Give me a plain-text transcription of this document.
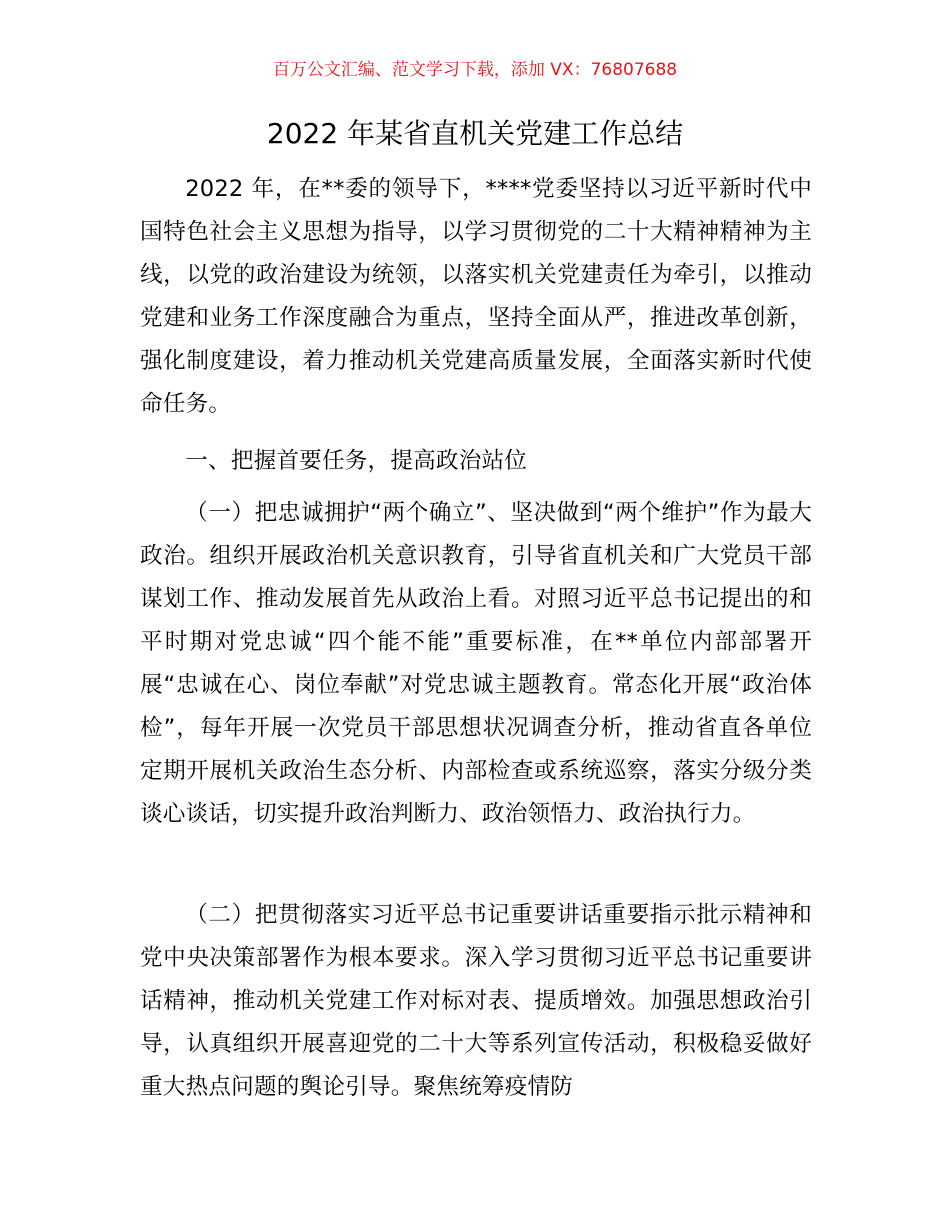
百万公文汇编、范文学习下载，添加 VX：76807688

2022 年某省直机关党建工作总结

2022 年，在**委的领导下，****党委坚持以习近平新时代中国特色社会主义思想为指导，以学习贯彻党的二十大精神精神为主线，以党的政治建设为统领，以落实机关党建责任为牵引，以推动党建和业务工作深度融合为重点，坚持全面从严，推进改革创新，强化制度建设，着力推动机关党建高质量发展，全面落实新时代使命任务。

一、把握首要任务，提高政治站位

（一）把忠诚拥护“两个确立”、坚决做到“两个维护”作为最大政治。组织开展政治机关意识教育，引导省直机关和广大党员干部谋划工作、推动发展首先从政治上看。对照习近平总书记提出的和平时期对党忠诚“四个能不能”重要标准，在**单位内部部署开展“忠诚在心、岗位奉献”对党忠诚主题教育。常态化开展“政治体检”，每年开展一次党员干部思想状况调查分析，推动省直各单位定期开展机关政治生态分析、内部检查或系统巡察，落实分级分类谈心谈话，切实提升政治判断力、政治领悟力、政治执行力。

（二）把贯彻落实习近平总书记重要讲话重要指示批示精神和党中央决策部署作为根本要求。深入学习贯彻习近平总书记重要讲话精神，推动机关党建工作对标对表、提质增效。加强思想政治引导，认真组织开展喜迎党的二十大等系列宣传活动，积极稳妥做好重大热点问题的舆论引导。聚焦统筹疫情防
